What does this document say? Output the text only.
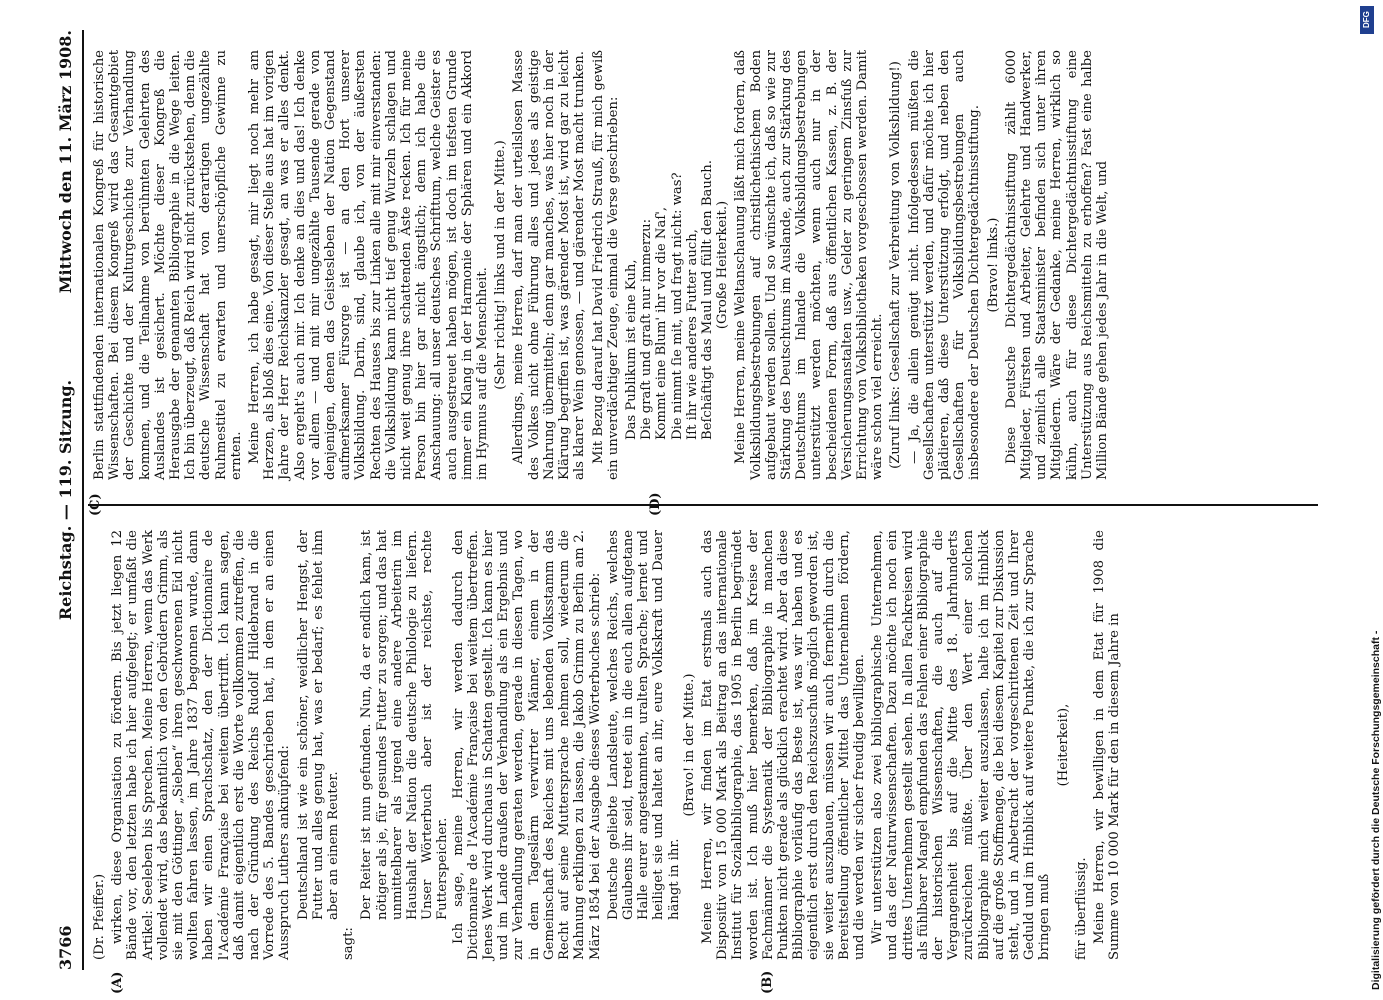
3766
Reichstag. — 119. Sitzung.
Mittwoch den 11. März 1908.
(A)	(B)

(Dr. Pfeiffer.) wirken, diese Organisation zu fördern. Bis jetzt liegen 12 Bände vor, den letzten habe ich hier aufgelegt; er umfaßt die Artikel: Seeleben bis Sprechen. Meine Herren, wenn das Werk vollendet wird, das bekanntlich von den Gebrüdern Grimm, als sie mit den Göttinger „Sieben“ ihren geschworenen Eid nicht wollten fahren lassen, im Jahre 1837 begonnen wurde, dann haben wir einen Sprachschatz, den der Dictionnaire de l'Académie Française bei weitem übertrifft. Ich kann sagen, daß damit eigentlich erst die Worte vollkommen zutreffen, die nach der Gründung des Reichs Rudolf Hildebrand in die Vorrede des 5. Bandes geschrieben hat, in dem er an einen Ausspruch Luthers anknüpfend: Deutschland ist wie ein schöner, weidlicher Hengst, der Futter und alles genug hat, was er bedarf; es fehlet ihm aber an einem Reuter.

sagt:

Der Reiter ist nun gefunden. Nun, da er endlich kam, ist nötiger als je, für gesundes Futter zu sorgen; und das hat unmittelbarer als irgend eine andere Arbeiterin im Haushalt der Nation die deutsche Philologie zu liefern. Unser Wörterbuch aber ist der reichste, rechte Futterspeicher. Ich sage, meine Herren, wir werden dadurch den Dictionnaire de l'Académie Française bei weitem übertreffen. Jenes Werk wird durchaus in Schatten gestellt. Ich kann es hier und im Lande draußen der Verhandlung als ein Ergebnis und zur Verhandlung geraten werden, gerade in diesen Tagen, wo in dem Tageslärm verwirrter Männer, einem in der Gemeinschaft des Reiches mit uns lebenden Volksstamm das Recht auf seine Muttersprache nehmen soll, wiederum die Mahnung erklingen zu lassen, die Jakob Grimm zu Berlin am 2. März 1854 bei der Ausgabe dieses Wörterbuches schrieb: Deutsche geliebte Landsleute, welches Reichs, welches Glaubens ihr seid, tretet ein in die euch allen aufgetane Halle eurer angestammten, uralten Sprache; lernet und heiliget sie und haltet an ihr, eure Volkskraft und Dauer hängt in ihr.

(Bravo! in der Mitte.) Meine Herren, wir finden im Etat erstmals auch das Dispositiv von 15 000 Mark als Beitrag an das internationale Institut für Sozialbibliographie, das 1905 in Berlin begründet worden ist. Ich muß hier bemerken, daß im Kreise der Fachmänner die Systematik der Bibliographie in manchen Punkten nicht gerade als glücklich erachtet wird. Aber da diese Bibliographie vorläufig das Beste ist, was wir haben und es eigentlich erst durch den Reichszuschuß möglich geworden ist, sie weiter auszubauen, müssen wir auch fernerhin durch die Bereitstellung öffentlicher Mittel das Unternehmen fördern, und die werden wir sicher freudig bewilligen. Wir unterstützen also zwei bibliographische Unternehmen, und das der Naturwissenschaften. Dazu möchte ich noch ein drittes Unternehmen gestellt sehen. In allen Fachkreisen wird als fühlbarer Mangel empfunden das Fehlen einer Bibliographie der historischen Wissenschaften, die auch auf die Vergangenheit bis auf die Mitte des 18. Jahrhunderts zurückreichen müßte. Über den Wert einer solchen Bibliographie mich weiter auszulassen, halte ich im Hinblick auf die große Stoffmenge, die bei diesem Kapitel zur Diskussion steht, und in Anbetracht der vorgeschrittenen Zeit und Ihrer Geduld und im Hinblick auf weitere Punkte, die ich zur Sprache bringen muß

(Heiterkeit),

für überflüssig. Meine Herren, wir bewilligen in dem Etat für 1908 die Summe von 10 000 Mark für den in diesem Jahre in

(C)	(D)

Berlin stattfindenden internationalen Kongreß für historische Wissenschaften. Bei diesem Kongreß wird das Gesamtgebiet der Geschichte und der Kulturgeschichte zur Verhandlung kommen, und die Teilnahme von berühmten Gelehrten des Auslandes ist gesichert. Möchte dieser Kongreß die Herausgabe der genannten Bibliographie in die Wege leiten. Ich bin überzeugt, daß Reich wird nicht zurückstehen, denn die deutsche Wissenschaft hat von derartigen ungezählte Ruhmestitel zu erwarten und unerschöpfliche Gewinne zu ernten. Meine Herren, ich habe gesagt, mir liegt noch mehr am Herzen, als bloß dies eine. Von dieser Stelle aus hat im vorigen Jahre der Herr Reichskanzler gesagt, an was er alles denkt. Also ergeht's auch mir. Ich denke an dies und das! Ich denke vor allem — und mit mir ungezählte Tausende gerade von denjenigen, denen das Geistesleben der Nation Gegenstand aufmerksamer Fürsorge ist — an den Hort unserer Volksbildung. Darin, sind, glaube ich, von der äußersten Rechten des Hauses bis zur Linken alle mit mir einverstanden: die Volksbildung kann nicht tief genug Wurzeln schlagen und nicht weit genug ihre schattenden Äste recken. Ich für meine Person bin hier gar nicht ängstlich; denn ich habe die Anschauung: all unser deutsches Schrifttum, welche Geister es auch ausgestreuet haben mögen, ist doch im tiefsten Grunde immer ein Klang in der Harmonie der Sphären und ein Akkord im Hymnus auf die Menschheit. (Sehr richtig! links und in der Mitte.) Allerdings, meine Herren, darf man der urteilslosen Masse des Volkes nicht ohne Führung alles und jedes als geistige Nahrung übermitteln; denn gar manches, was hier noch in der Klärung begriffen ist, was gärender Most ist, wird gar zu leicht als klarer Wein genossen, — und gärender Most macht trunken. Mit Bezug darauf hat David Friedrich Strauß, für mich gewiß ein unverdächtiger Zeuge, einmal die Verse geschrieben: Das Publikum ist eine Kuh, Die graſt und graſt nur immerzu: Kommt eine Blum' ihr vor die Naſ', Die nimmt ſie mit, und fragt nicht: was? Iſt ihr wie anderes Futter auch, Beſchäftigt das Maul und füllt den Bauch. (Große Heiterkeit.) Meine Herren, meine Weltanschauung läßt mich fordern, daß Volksbildungsbestrebungen auf christlichethischem Boden aufgebaut werden sollen. Und so wünschte ich, daß so wie zur Stärkung des Deutschtums im Auslande, auch zur Stärkung des Deutschtums im Inlande die Volksbildungsbestrebungen unterstützt werden möchten, wenn auch nur in der bescheidenen Form, daß aus öffentlichen Kassen, z. B. der Versicherungsanstalten usw., Gelder zu geringem Zinsfuß zur Errichtung von Volksbibliotheken vorgeschossen werden. Damit wäre schon viel erreicht. (Zuruf links: Gesellschaft zur Verbreitung von Volksbildung!) — Ja, die allein genügt nicht. Infolgedessen müßten die Gesellschaften unterstützt werden, und dafür möchte ich hier plädieren, daß diese Unterstützung erfolgt, und neben den Gesellschaften für Volksbildungsbestrebungen auch insbesondere der Deutschen Dichtergedächtnisstiftung. (Bravo! links.) Diese Deutsche Dichtergedächtnisstiftung zählt 6000 Mitglieder, Fürsten und Arbeiter, Gelehrte und Handwerker, und ziemlich alle Staatsminister befinden sich unter ihren Mitgliedern. Wäre der Gedanke, meine Herren, wirklich so kühn, auch für diese Dichtergedächtnisstiftung eine Unterstützung aus Reichsmitteln zu erhoffen? Fast eine halbe Million Bände gehen jedes Jahr in die Welt, und

DFG
Digitalisierung gefördert durch die Deutsche Forschungsgemeinschaft -
